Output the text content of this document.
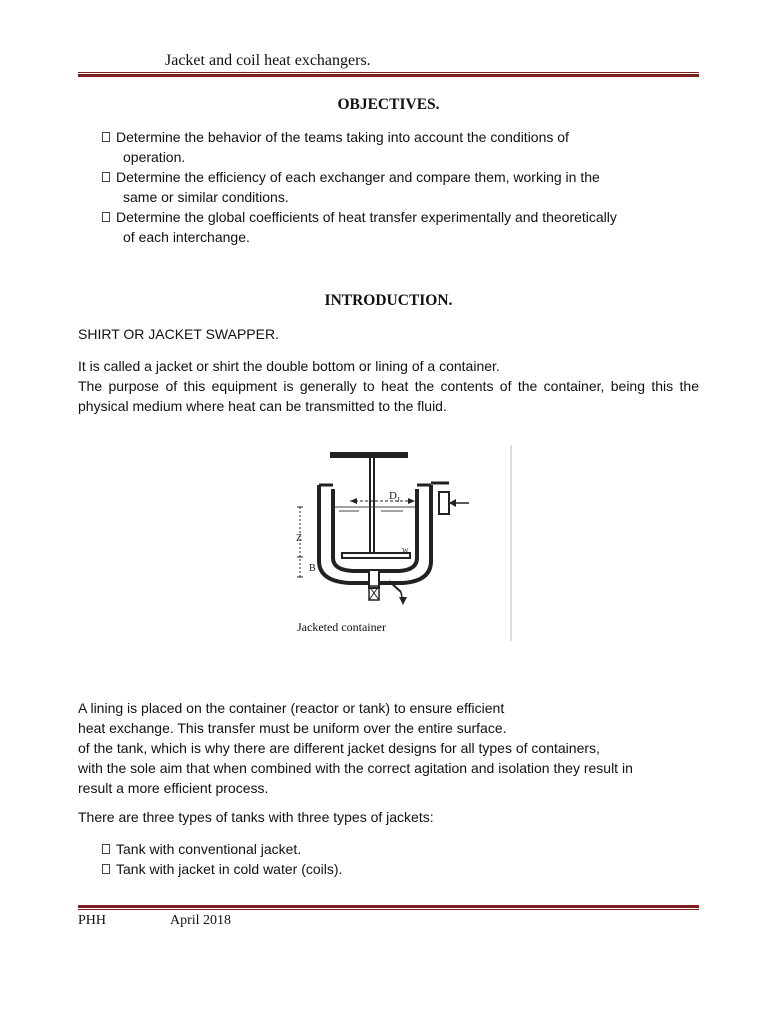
Jacket and coil heat exchangers.
OBJECTIVES.
Determine the behavior of the teams taking into account the conditions of
operation.
Determine the efficiency of each exchanger and compare them, working in the
same or similar conditions.
Determine the global coefficients of heat transfer experimentally and theoretically
of each interchange.
INTRODUCTION.

SHIRT OR JACKET SWAPPER.

It is called a jacket or shirt the double bottom or lining of a container.

The purpose of this equipment is generally to heat the contents of the container, being this the physical medium where heat can be transmitted to the fluid.

$D_J$
Z
B
W
Jacketed container
A lining is placed on the container (reactor or tank) to ensure efficient
heat exchange. This transfer must be uniform over the entire surface.
of the tank, which is why there are different jacket designs for all types of containers,
with the sole aim that when combined with the correct agitation and isolation they result in
result a more efficient process.

There are three types of tanks with three types of jackets:

Tank with conventional jacket.
Tank with jacket in cold water (coils).
PHH	April 2018
